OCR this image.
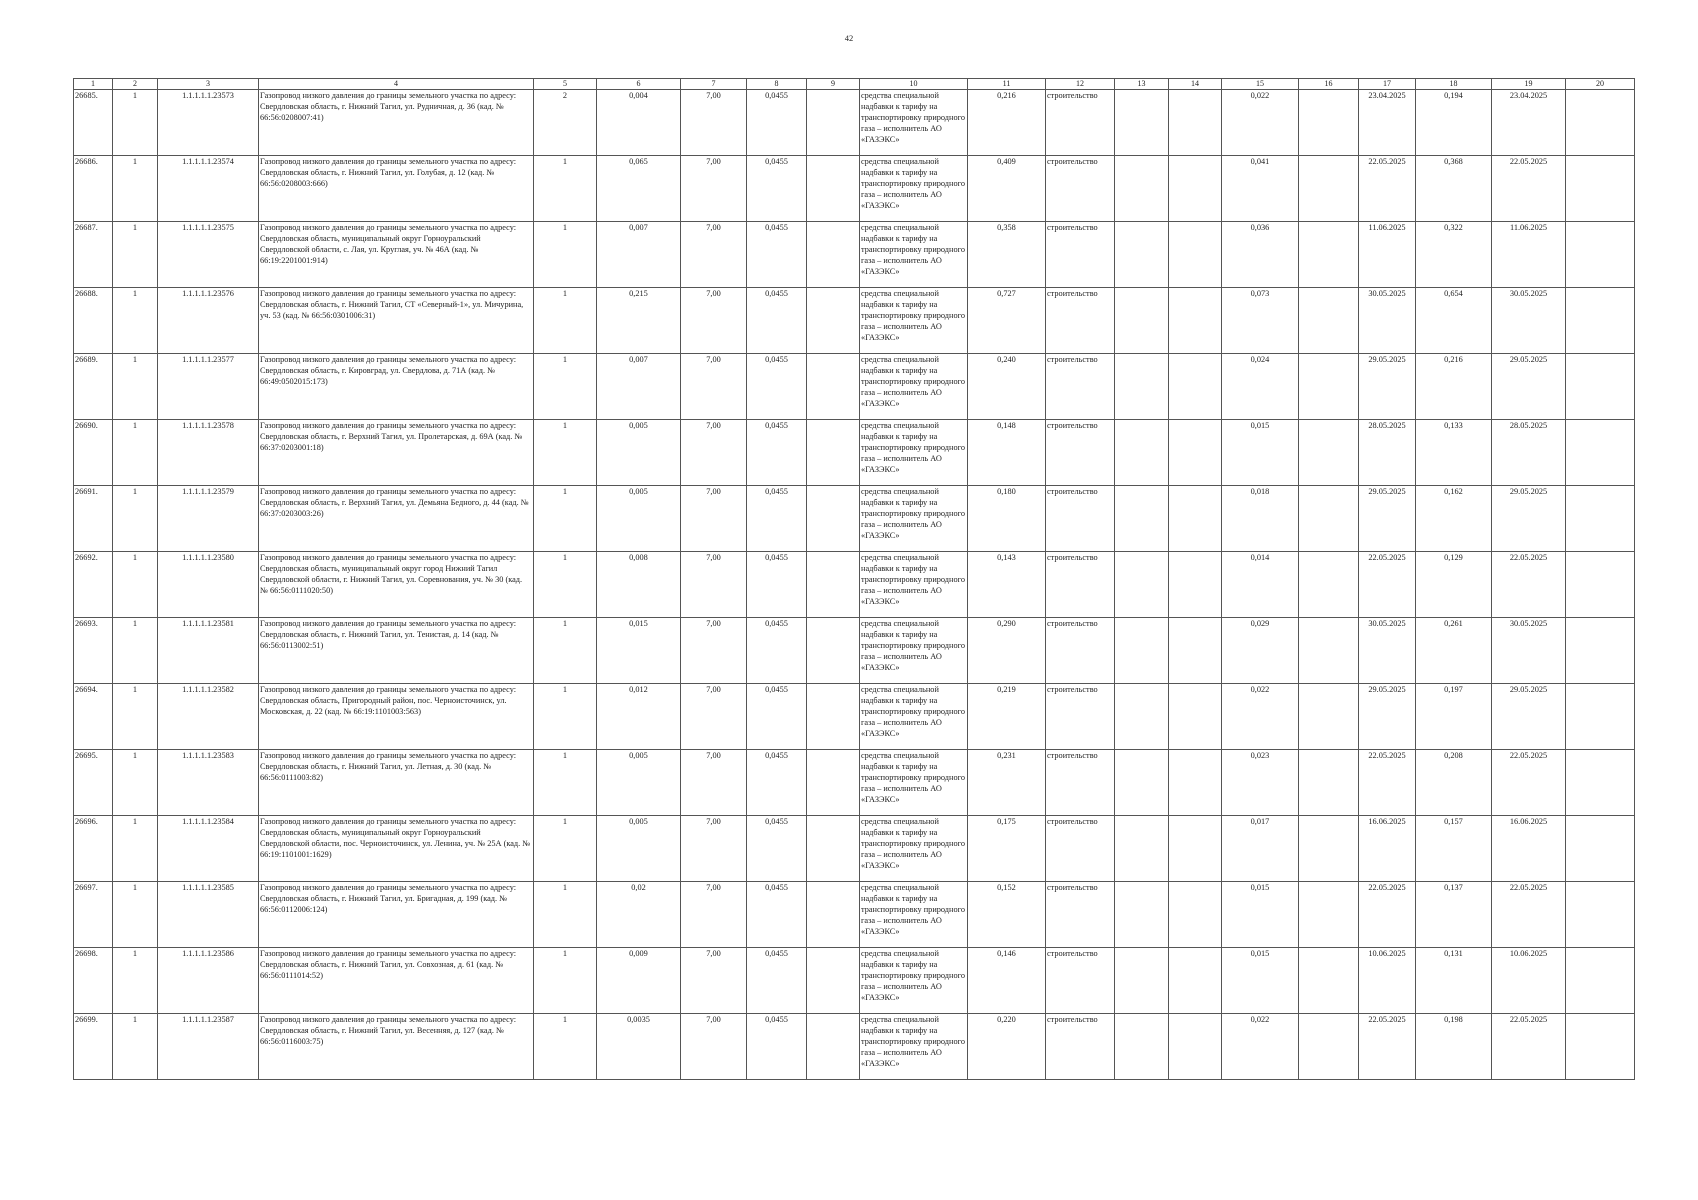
42
1	2	3	4	5	6	7	8	9	10	11	12	13	14	15	16	17	18	19	20
26685.	1	1.1.1.1.1.23573	Газопровод низкого давления до границы земельного участка по адресу: Свердловская область, г. Нижний Тагил, ул. Рудничная, д. 36 (кад. № 66:56:0208007:41)	2	0,004	7,00	0,0455		средства специальной надбавки к тарифу на транспортировку природного газа – исполнитель АО «ГАЗЭКС»	0,216	строительство			0,022		23.04.2025	0,194	23.04.2025	
26686.	1	1.1.1.1.1.23574	Газопровод низкого давления до границы земельного участка по адресу: Свердловская область, г. Нижний Тагил, ул. Голубая, д. 12 (кад. № 66:56:0208003:666)	1	0,065	7,00	0,0455		средства специальной надбавки к тарифу на транспортировку природного газа – исполнитель АО «ГАЗЭКС»	0,409	строительство			0,041		22.05.2025	0,368	22.05.2025	
26687.	1	1.1.1.1.1.23575	Газопровод низкого давления до границы земельного участка по адресу: Свердловская область, муниципальный округ Горноуральский Свердловской области, с. Лая, ул. Круглая, уч. № 46А (кад. № 66:19:2201001:914)	1	0,007	7,00	0,0455		средства специальной надбавки к тарифу на транспортировку природного газа – исполнитель АО «ГАЗЭКС»	0,358	строительство			0,036		11.06.2025	0,322	11.06.2025	
26688.	1	1.1.1.1.1.23576	Газопровод низкого давления до границы земельного участка по адресу: Свердловская область, г. Нижний Тагил, СТ «Северный-1», ул. Мичурина, уч. 53 (кад. № 66:56:0301006:31)	1	0,215	7,00	0,0455		средства специальной надбавки к тарифу на транспортировку природного газа – исполнитель АО «ГАЗЭКС»	0,727	строительство			0,073		30.05.2025	0,654	30.05.2025	
26689.	1	1.1.1.1.1.23577	Газопровод низкого давления до границы земельного участка по адресу: Свердловская область, г. Кировград, ул. Свердлова, д. 71А (кад. № 66:49:0502015:173)	1	0,007	7,00	0,0455		средства специальной надбавки к тарифу на транспортировку природного газа – исполнитель АО «ГАЗЭКС»	0,240	строительство			0,024		29.05.2025	0,216	29.05.2025	
26690.	1	1.1.1.1.1.23578	Газопровод низкого давления до границы земельного участка по адресу: Свердловская область, г. Верхний Тагил, ул. Пролетарская, д. 69А (кад. № 66:37:0203001:18)	1	0,005	7,00	0,0455		средства специальной надбавки к тарифу на транспортировку природного газа – исполнитель АО «ГАЗЭКС»	0,148	строительство			0,015		28.05.2025	0,133	28.05.2025	
26691.	1	1.1.1.1.1.23579	Газопровод низкого давления до границы земельного участка по адресу: Свердловская область, г. Верхний Тагил, ул. Демьяна Бедного, д. 44 (кад. № 66:37:0203003:26)	1	0,005	7,00	0,0455		средства специальной надбавки к тарифу на транспортировку природного газа – исполнитель АО «ГАЗЭКС»	0,180	строительство			0,018		29.05.2025	0,162	29.05.2025	
26692.	1	1.1.1.1.1.23580	Газопровод низкого давления до границы земельного участка по адресу: Свердловская область, муниципальный округ город Нижний Тагил Свердловской области, г. Нижний Тагил, ул. Соревнования, уч. № 30 (кад. № 66:56:0111020:50)	1	0,008	7,00	0,0455		средства специальной надбавки к тарифу на транспортировку природного газа – исполнитель АО «ГАЗЭКС»	0,143	строительство			0,014		22.05.2025	0,129	22.05.2025	
26693.	1	1.1.1.1.1.23581	Газопровод низкого давления до границы земельного участка по адресу: Свердловская область, г. Нижний Тагил, ул. Тенистая, д. 14 (кад. № 66:56:0113002:51)	1	0,015	7,00	0,0455		средства специальной надбавки к тарифу на транспортировку природного газа – исполнитель АО «ГАЗЭКС»	0,290	строительство			0,029		30.05.2025	0,261	30.05.2025	
26694.	1	1.1.1.1.1.23582	Газопровод низкого давления до границы земельного участка по адресу: Свердловская область, Пригородный район, пос. Черноисточинск, ул. Московская, д. 22 (кад. № 66:19:1101003:563)	1	0,012	7,00	0,0455		средства специальной надбавки к тарифу на транспортировку природного газа – исполнитель АО «ГАЗЭКС»	0,219	строительство			0,022		29.05.2025	0,197	29.05.2025	
26695.	1	1.1.1.1.1.23583	Газопровод низкого давления до границы земельного участка по адресу: Свердловская область, г. Нижний Тагил, ул. Летная, д. 30 (кад. № 66:56:0111003:82)	1	0,005	7,00	0,0455		средства специальной надбавки к тарифу на транспортировку природного газа – исполнитель АО «ГАЗЭКС»	0,231	строительство			0,023		22.05.2025	0,208	22.05.2025	
26696.	1	1.1.1.1.1.23584	Газопровод низкого давления до границы земельного участка по адресу: Свердловская область, муниципальный округ Горноуральский Свердловской области, пос. Черноисточинск, ул. Ленина, уч. № 25А (кад. № 66:19:1101001:1629)	1	0,005	7,00	0,0455		средства специальной надбавки к тарифу на транспортировку природного газа – исполнитель АО «ГАЗЭКС»	0,175	строительство			0,017		16.06.2025	0,157	16.06.2025	
26697.	1	1.1.1.1.1.23585	Газопровод низкого давления до границы земельного участка по адресу: Свердловская область, г. Нижний Тагил, ул. Бригадная, д. 199 (кад. № 66:56:0112006:124)	1	0,02	7,00	0,0455		средства специальной надбавки к тарифу на транспортировку природного газа – исполнитель АО «ГАЗЭКС»	0,152	строительство			0,015		22.05.2025	0,137	22.05.2025	
26698.	1	1.1.1.1.1.23586	Газопровод низкого давления до границы земельного участка по адресу: Свердловская область, г. Нижний Тагил, ул. Совхозная, д. 61 (кад. № 66:56:0111014:52)	1	0,009	7,00	0,0455		средства специальной надбавки к тарифу на транспортировку природного газа – исполнитель АО «ГАЗЭКС»	0,146	строительство			0,015		10.06.2025	0,131	10.06.2025	
26699.	1	1.1.1.1.1.23587	Газопровод низкого давления до границы земельного участка по адресу: Свердловская область, г. Нижний Тагил, ул. Весенняя, д. 127 (кад. № 66:56:0116003:75)	1	0,0035	7,00	0,0455		средства специальной надбавки к тарифу на транспортировку природного газа – исполнитель АО «ГАЗЭКС»	0,220	строительство			0,022		22.05.2025	0,198	22.05.2025	
